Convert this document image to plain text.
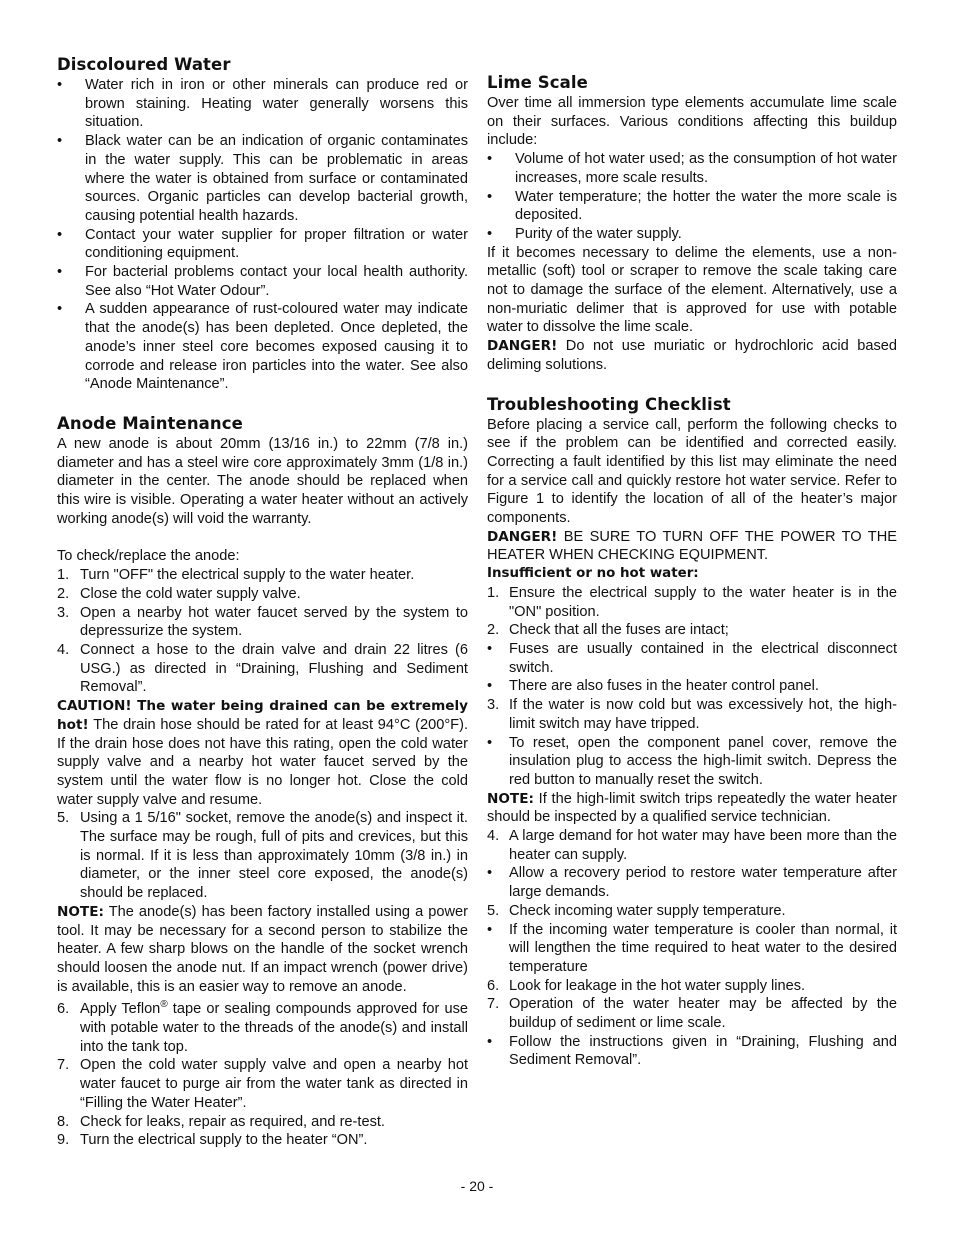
Discoloured Water
•	Water rich in iron or other minerals can produce red or brown staining. Heating water generally worsens this situation.
•	Black water can be an indication of organic contaminates in the water supply. This can be problematic in areas where the water is obtained from surface or contaminated sources. Organic particles can develop bacterial growth, causing potential health hazards.
•	Contact your water supplier for proper filtration or water conditioning equipment.
•	For bacterial problems contact your local health authority. See also “Hot Water Odour”.
•	A sudden appearance of rust-coloured water may indicate that the anode(s) has been depleted. Once depleted, the anode’s inner steel core becomes exposed causing it to corrode and release iron particles into the water. See also “Anode Maintenance”.
Anode Maintenance

A new anode is about 20mm (13/16 in.) to 22mm (7/8 in.) diameter and has a steel wire core approximately 3mm (1/8 in.) diameter in the center. The anode should be replaced when this wire is visible. Operating a water heater without an actively working anode(s) will void the warranty.

To check/replace the anode:

1. Turn "OFF" the electrical supply to the water heater.
2. Close the cold water supply valve.
3. Open a nearby hot water faucet served by the system to depressurize the system.
4. Connect a hose to the drain valve and drain 22 litres (6 USG.) as directed in “Draining, Flushing and Sediment Removal”.

CAUTION! The water being drained can be extremely hot! The drain hose should be rated for at least 94°C (200°F). If the drain hose does not have this rating, open the cold water supply valve and a nearby hot water faucet served by the system until the water flow is no longer hot. Close the cold water supply valve and resume.

5. Using a 1 5/16" socket, remove the anode(s) and inspect it. The surface may be rough, full of pits and crevices, but this is normal. If it is less than approximately 10mm (3/8 in.) in diameter, or the inner steel core exposed, the anode(s) should be replaced.

NOTE: The anode(s) has been factory installed using a power tool. It may be necessary for a second person to stabilize the heater. A few sharp blows on the handle of the socket wrench should loosen the anode nut. If an impact wrench (power drive) is available, this is an easier way to remove an anode.

6. Apply Teflon® tape or sealing compounds approved for use with potable water to the threads of the anode(s) and install into the tank top.
7. Open the cold water supply valve and open a nearby hot water faucet to purge air from the water tank as directed in “Filling the Water Heater”.
8. Check for leaks, repair as required, and re-test.
9. Turn the electrical supply to the heater “ON”.
Lime Scale

Over time all immersion type elements accumulate lime scale on their surfaces. Various conditions affecting this buildup include:

•	Volume of hot water used; as the consumption of hot water increases, more scale results.
•	Water temperature; the hotter the water the more scale is deposited.
•	Purity of the water supply.

If it becomes necessary to delime the elements, use a non-metallic (soft) tool or scraper to remove the scale taking care not to damage the surface of the element. Alternatively, use a non-muriatic delimer that is approved for use with potable water to dissolve the lime scale.

DANGER! Do not use muriatic or hydrochloric acid based deliming solutions.

Troubleshooting Checklist

Before placing a service call, perform the following checks to see if the problem can be identified and corrected easily. Correcting a fault identified by this list may eliminate the need for a service call and quickly restore hot water service. Refer to Figure 1 to identify the location of all of the heater’s major components.

DANGER! BE SURE TO TURN OFF THE POWER TO THE HEATER WHEN CHECKING EQUIPMENT.

Insufficient or no hot water:

1. Ensure the electrical supply to the water heater is in the "ON" position.
2. Check that all the fuses are intact;
• Fuses are usually contained in the electrical disconnect switch.
• There are also fuses in the heater control panel.
3. If the water is now cold but was excessively hot, the high-limit switch may have tripped.
• To reset, open the component panel cover, remove the insulation plug to access the high-limit switch. Depress the red button to manually reset the switch.

NOTE: If the high-limit switch trips repeatedly the water heater should be inspected by a qualified service technician.

4. A large demand for hot water may have been more than the heater can supply.
• Allow a recovery period to restore water temperature after large demands.
5. Check incoming water supply temperature.
• If the incoming water temperature is cooler than normal, it will lengthen the time required to heat water to the desired temperature
6. Look for leakage in the hot water supply lines.
7. Operation of the water heater may be affected by the buildup of sediment or lime scale.
• Follow the instructions given in “Draining, Flushing and Sediment Removal”.
- 20 -
